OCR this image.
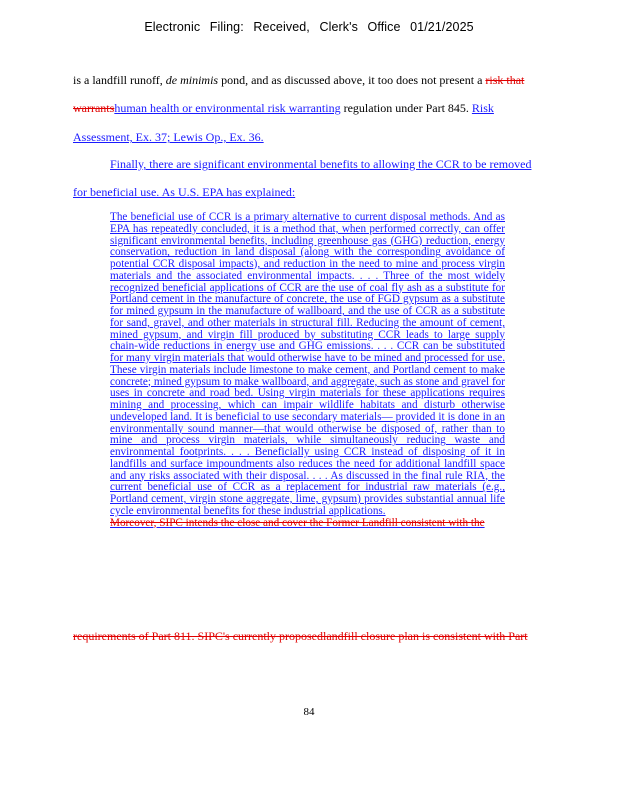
Electronic Filing: Received, Clerk's Office 01/21/2025
is a landfill runoff, de minimis pond, and as discussed above, it too does not present a risk that
warrantshuman health or environmental risk warranting regulation under Part 845. Risk
Assessment, Ex. 37; Lewis Op., Ex. 36.
Finally, there are significant environmental benefits to allowing the CCR to be removed
for beneficial use. As U.S. EPA has explained:

The beneficial use of CCR is a primary alternative to current disposal methods. And as EPA has repeatedly concluded, it is a method that, when performed correctly, can offer significant environmental benefits, including greenhouse gas (GHG) reduction, energy conservation, reduction in land disposal (along with the corresponding avoidance of potential CCR disposal impacts), and reduction in the need to mine and process virgin materials and the associated environmental impacts. . . . Three of the most widely recognized beneficial applications of CCR are the use of coal fly ash as a substitute for Portland cement in the manufacture of concrete, the use of FGD gypsum as a substitute for mined gypsum in the manufacture of wallboard, and the use of CCR as a substitute for sand, gravel, and other materials in structural fill. Reducing the amount of cement, mined gypsum, and virgin fill produced by substituting CCR leads to large supply chain-wide reductions in energy use and GHG emissions. . . . CCR can be substituted for many virgin materials that would otherwise have to be mined and processed for use. These virgin materials include limestone to make cement, and Portland cement to make concrete; mined gypsum to make wallboard, and aggregate, such as stone and gravel for uses in concrete and road bed. Using virgin materials for these applications requires mining and processing, which can impair wildlife habitats and disturb otherwise undeveloped land. It is beneficial to use secondary materials— provided it is done in an environmentally sound manner—that would otherwise be disposed of, rather than to mine and process virgin materials, while simultaneously reducing waste and environmental footprints. . . . Beneficially using CCR instead of disposing of it in landfills and surface impoundments also reduces the need for additional landfill space and any risks associated with their disposal. . . . As discussed in the final rule RIA, the current beneficial use of CCR as a replacement for industrial raw materials (e.g., Portland cement, virgin stone aggregate, lime, gypsum) provides substantial annual life cycle environmental benefits for these industrial applications.

Moreover, SIPC intends the close and cover the Former Landfill consistent with the

requirements of Part 811. SIPC's currently proposedlandfill closure plan is consistent with Part
84
